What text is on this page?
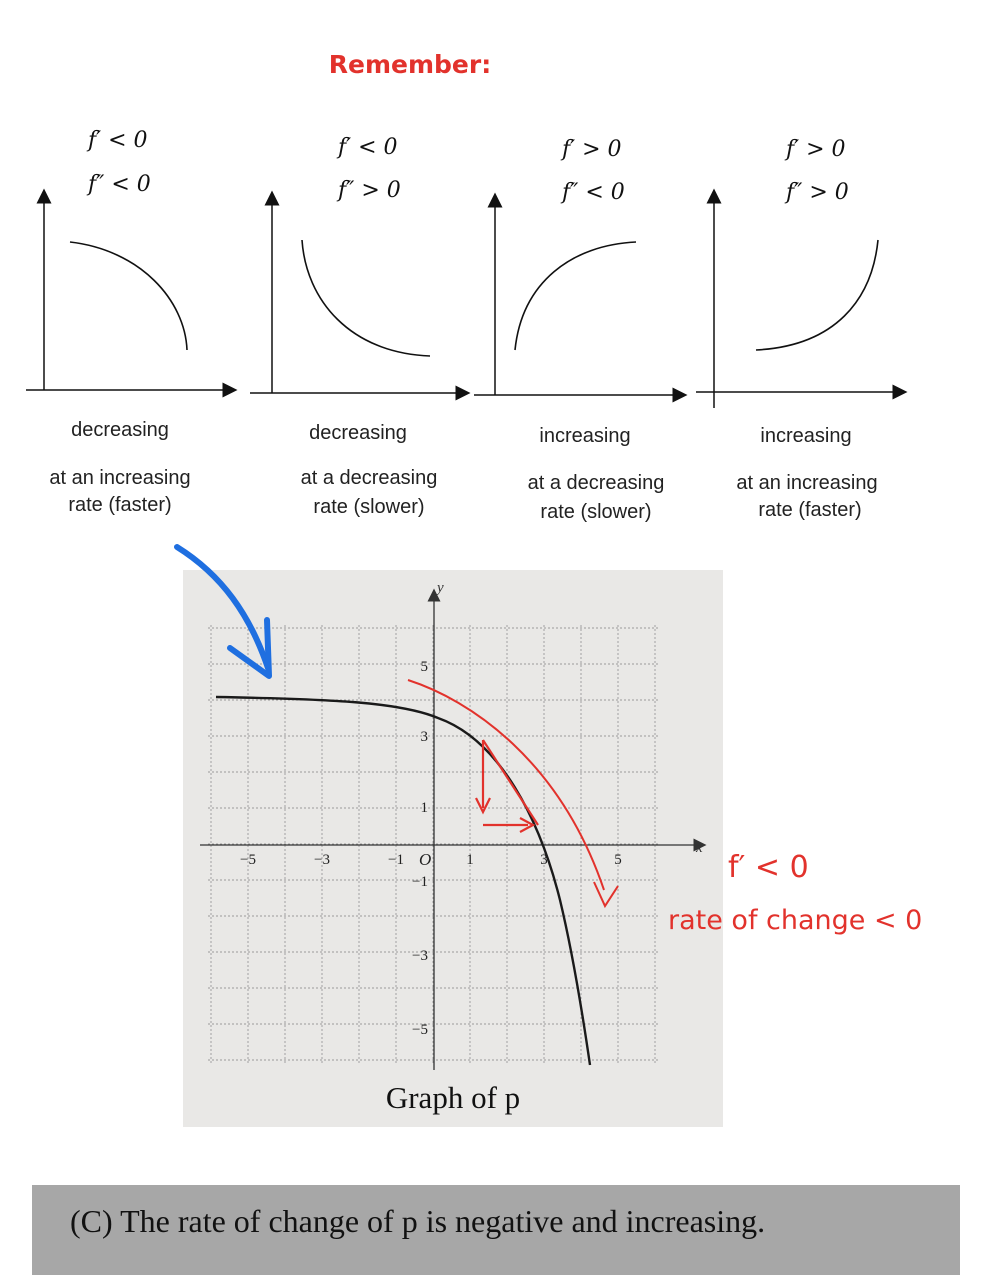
Remember:
f′ < 0
f″ < 0
f′ < 0
f″ > 0
f′ > 0
f″ < 0
f′ > 0
f″ > 0
decreasing
at an increasing
rate (faster)
decreasing
at a decreasing
rate (slower)
increasing
at a decreasing
rate (slower)
increasing
at an increasing
rate (faster)
x
y
O
−5	−3	−1	1	3	5
5
3
1
−1
−3
−5
Graph of p
f′ < 0
rate of change < 0
(C) The rate of change of p is negative and increasing.
